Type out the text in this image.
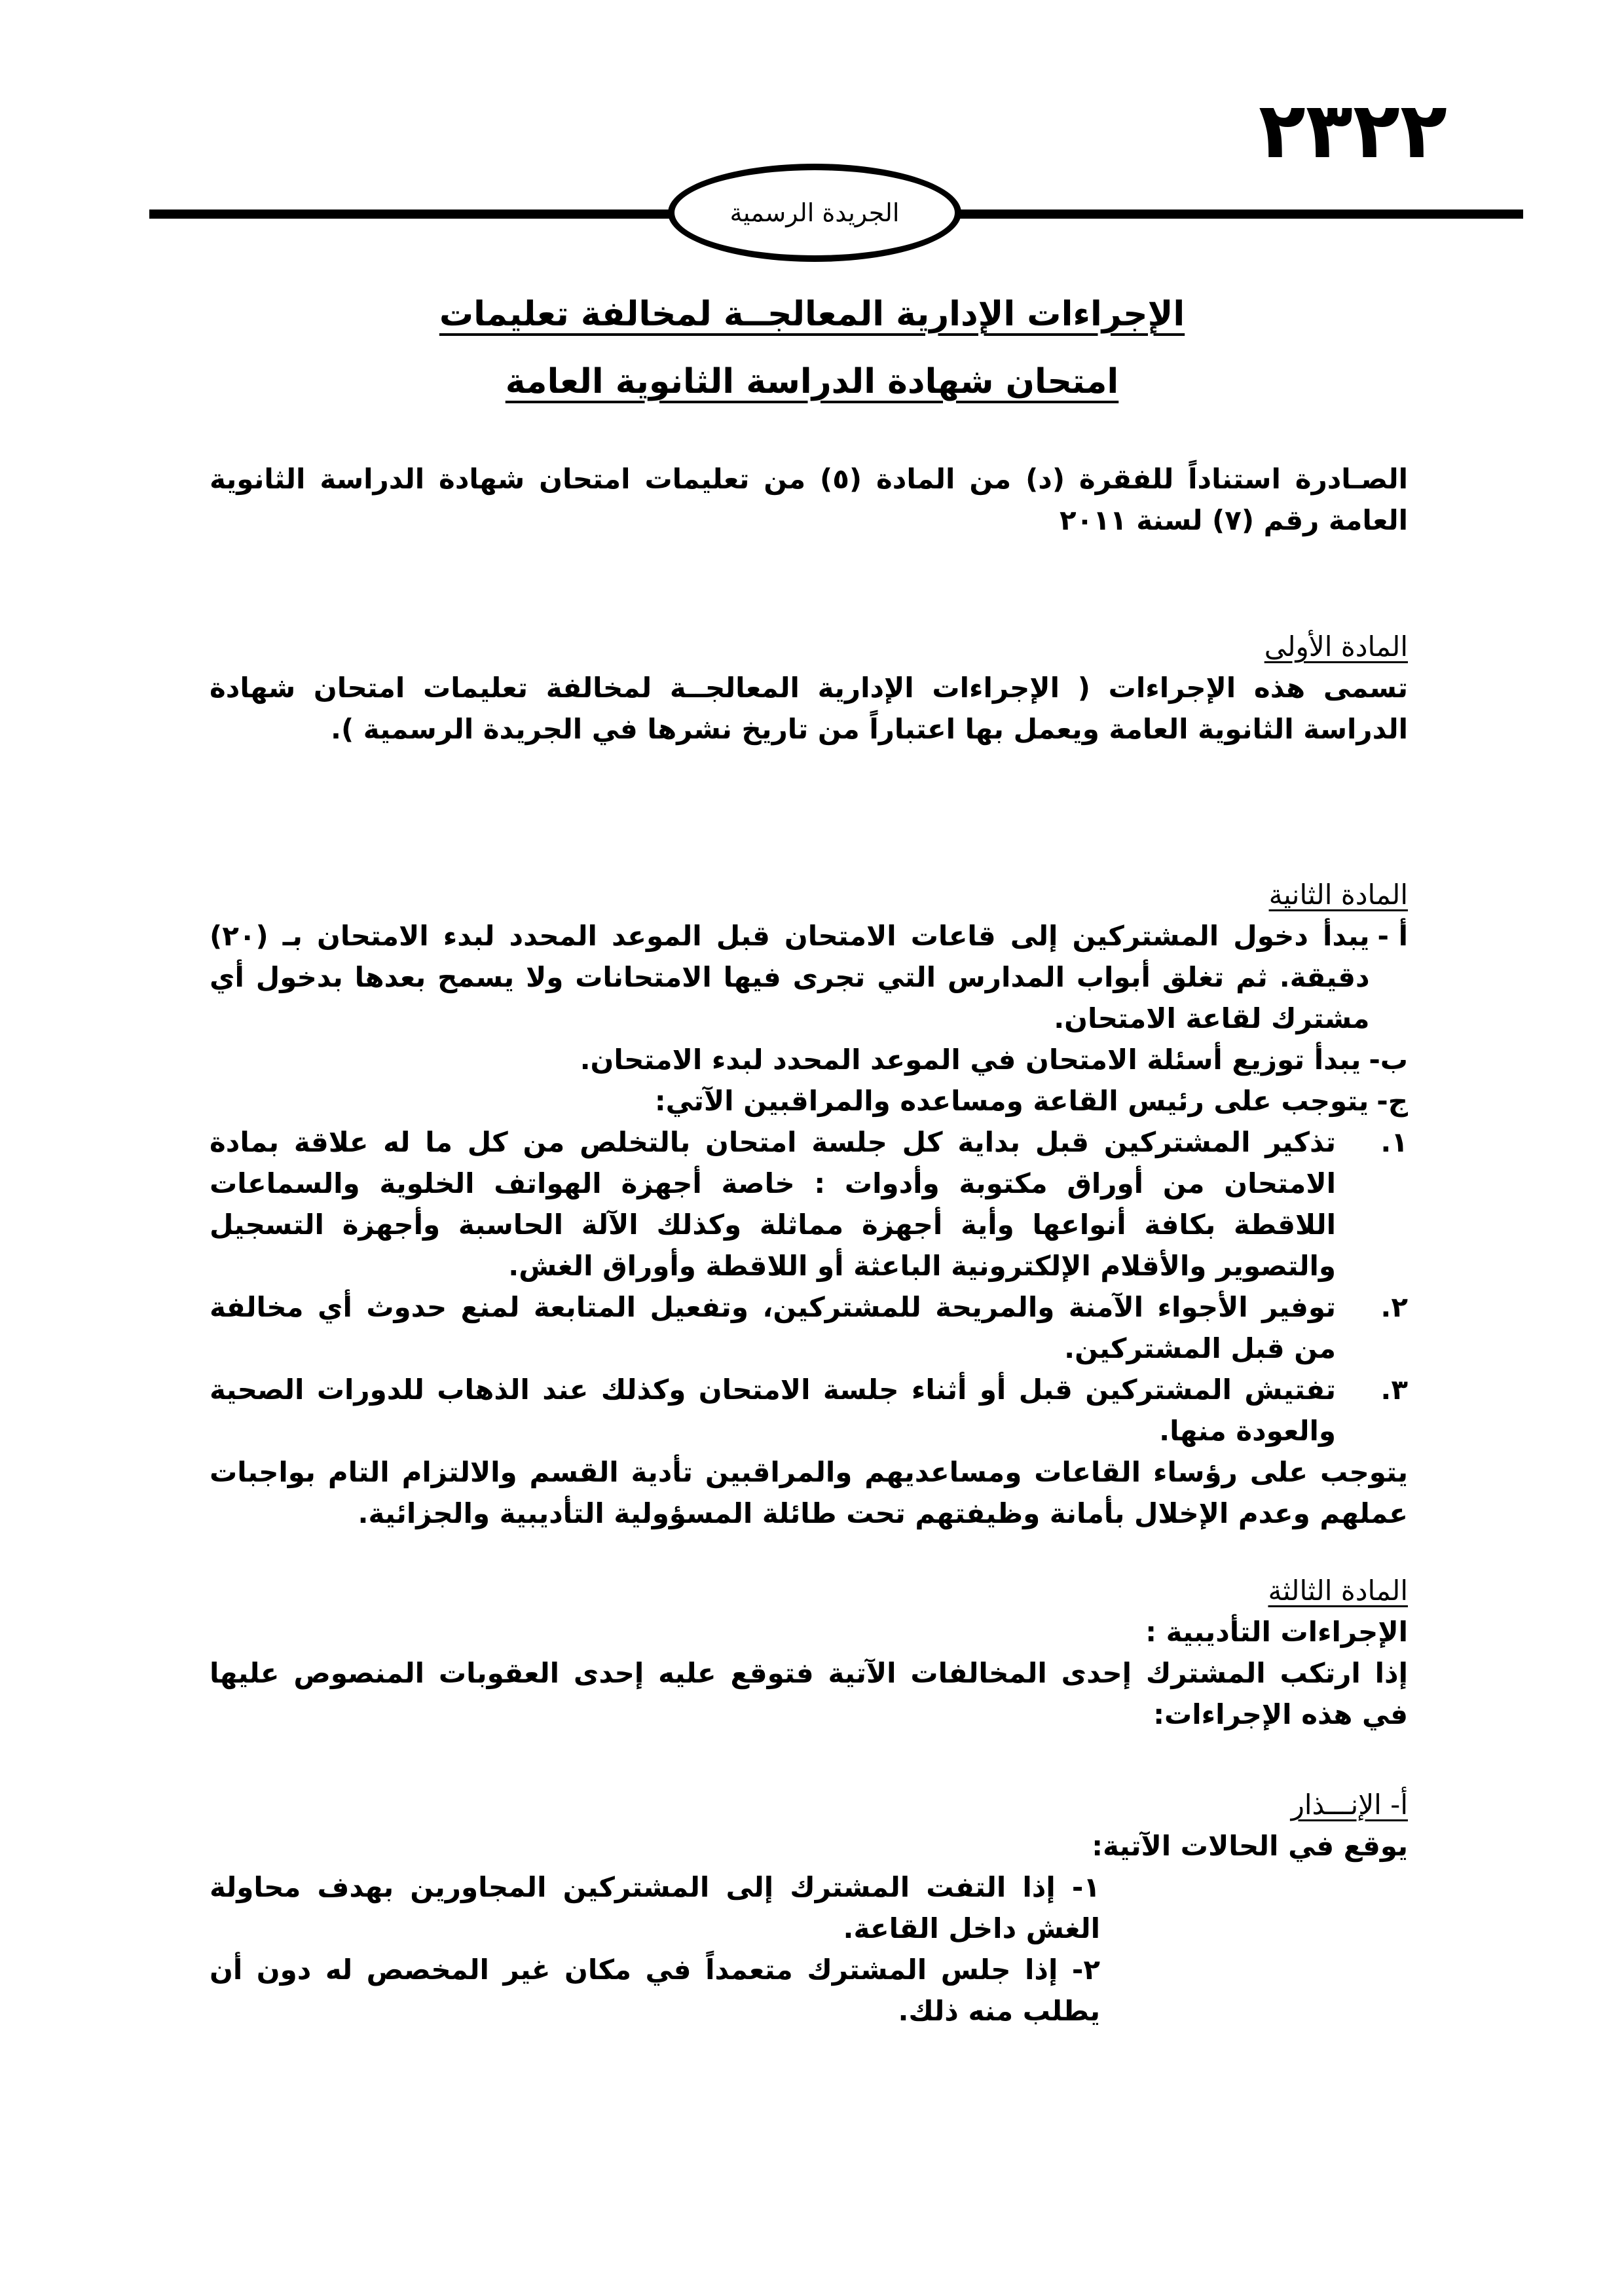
٢٣٢٢
الجريدة الرسمية
الإجراءات الإدارية المعالجــة لمخالفة تعليمات
امتحان شهادة الدراسة الثانوية العامة

الصـادرة استناداً للفقرة (د) من المادة (٥) من تعليمات امتحان شهادة الدراسة الثانوية العامة رقم (٧) لسنة ٢٠١١

المادة الأولى

تسمى هذه الإجراءات ( الإجراءات الإدارية المعالجــة لمخالفة تعليمات امتحان شهادة الدراسة الثانوية العامة ويعمل بها اعتباراً من تاريخ نشرها في الجريدة الرسمية ).

المادة الثانية

أ -
يبدأ دخول المشتركين إلى قاعات الامتحان قبل الموعد المحدد لبدء الامتحان بـ (٢٠) دقيقة. ثم تغلق أبواب المدارس التي تجرى فيها الامتحانات ولا يسمح بعدها بدخول أي مشترك لقاعة الامتحان.
ب-
يبدأ توزيع أسئلة الامتحان في الموعد المحدد لبدء الامتحان.
ج-
يتوجب على رئيس القاعة ومساعده والمراقبين الآتي:
١.
تذكير المشتركين قبل بداية كل جلسة امتحان بالتخلص من كل ما له علاقة بمادة الامتحان من أوراق مكتوبة وأدوات : خاصة أجهزة الهواتف الخلوية والسماعات اللاقطة بكافة أنواعها وأية أجهزة مماثلة وكذلك الآلة الحاسبة وأجهزة التسجيل والتصوير والأقلام الإلكترونية الباعثة أو اللاقطة وأوراق الغش.
٢.
توفير الأجواء الآمنة والمريحة للمشتركين، وتفعيل المتابعة لمنع حدوث أي مخالفة من قبل المشتركين.
٣.
تفتيش المشتركين قبل أو أثناء جلسة الامتحان وكذلك عند الذهاب للدورات الصحية والعودة منها.

يتوجب على رؤساء القاعات ومساعديهم والمراقبين تأدية القسم والالتزام التام بواجبات عملهم وعدم الإخلال بأمانة وظيفتهم تحت طائلة المسؤولية التأديبية والجزائية.

المادة الثالثة

الإجراءات التأديبية :

إذا ارتكب المشترك إحدى المخالفات الآتية فتوقع عليه إحدى العقوبات المنصوص عليها في هذه الإجراءات:

أ- الإنـــذار

يوقع في الحالات الآتية:

١- إذا التفت المشترك إلى المشتركين المجاورين بهدف محاولة الغش داخل القاعة.

٢- إذا جلس المشترك متعمداً في مكان غير المخصص له دون أن يطلب منه ذلك.
